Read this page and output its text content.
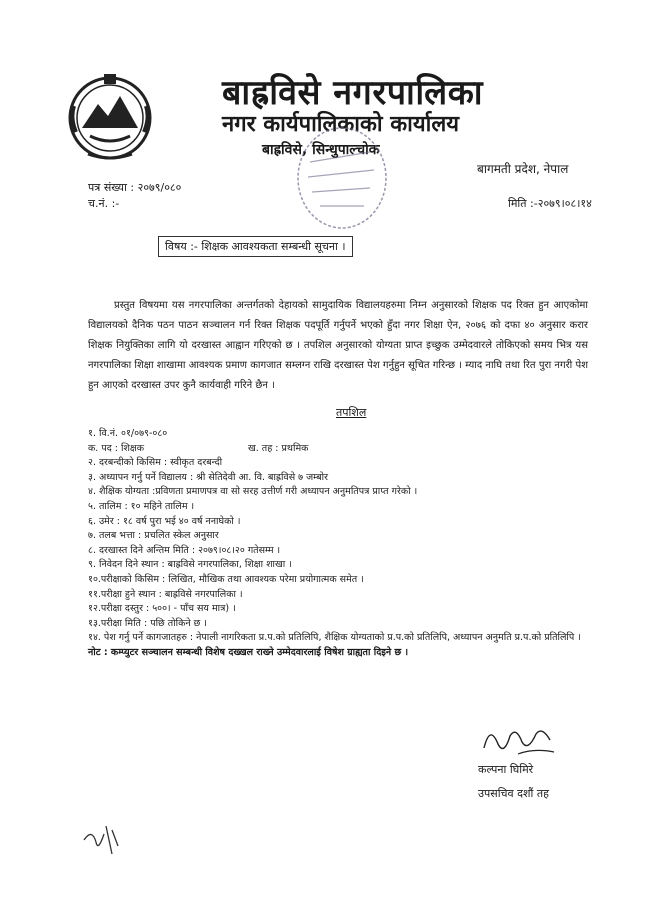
बाह्रविसे नगरपालिका
नगर कार्यपालिकाको कार्यालय
बाह्रविसे, सिन्धुपाल्चोक
बागमती प्रदेश, नेपाल
पत्र संख्या : २०७९/०८०
च.नं. :-	मिति :-२०७९।०८।१४
विषय :- शिक्षक आवश्यकता सम्बन्धी सूचना ।
प्रस्तुत विषयमा यस नगरपालिका अन्तर्गतको देहायको सामुदायिक विद्यालयहरुमा निम्न अनुसारको शिक्षक पद रिक्त हुन आएकोमा विद्यालयको दैनिक पठन पाठन सञ्चालन गर्न रिक्त शिक्षक पदपूर्ति गर्नुपर्ने भएको हुँदा नगर शिक्षा ऐन, २०७६ को दफा ४० अनुसार करार शिक्षक नियुक्तिका लागि यो दरखास्त आह्वान गरिएको छ । तपशिल अनुसारको योग्यता प्राप्त इच्छुक उम्मेदवारले तोकिएको समय भित्र यस नगरपालिका शिक्षा शाखामा आवश्यक प्रमाण कागजात सम्लग्न राखि दरखास्त पेश गर्नुहुन सूचित गरिन्छ । म्याद नाघि तथा रित पुरा नगरी पेश हुन आएको दरखास्त उपर कुनै कार्यवाही गरिने छैन ।
तपशिल
१. वि.नं. ०१/०७९-०८०
क. पद : शिक्षक	ख. तह : प्रथमिक
२. दरबन्दीको किसिम : स्वीकृत दरबन्दी
३. अध्यापन गर्नु पर्ने विद्यालय : श्री सेतिदेवी आ. वि. बाह्रविसे ७ जम्बोर
४. शैक्षिक योग्यता :प्रविणता प्रमाणपत्र वा सो सरह उत्तीर्ण गरी अध्यापन अनुमतिपत्र प्राप्त गरेको ।
५. तालिम : १० महिने तालिम ।
६. उमेर : १८ वर्ष पुरा भई ४० वर्ष ननाघेको ।
७. तलब भत्ता : प्रचलित स्केल अनुसार
८. दरखास्त दिने अन्तिम मिति : २०७९।०८।२० गतेसम्म ।
९. निवेदन दिने स्थान : बाह्रविसे नगरपालिका, शिक्षा शाखा ।
१०.परीक्षाको किसिम : लिखित, मौखिक तथा आवश्यक परेमा प्रयोगात्मक समेत ।
११.परीक्षा हुने स्थान : बाह्रविसे नगरपालिका ।
१२.परीक्षा दस्तुर : ५००। - पाँच सय मात्र) ।
१३.परीक्षा मिति : पछि तोकिने छ ।
१४. पेश गर्नु पर्ने कागजातहरु : नेपाली नागरिकता प्र.प.को प्रतिलिपि, शैक्षिक योग्यताको प्र.प.को प्रतिलिपि, अध्यापन अनुमति प्र.प.को प्रतिलिपि ।
नोट : कम्प्युटर सञ्चालन सम्बन्धी विशेष दख्खल राख्ने उम्मेदवारलाई विषेश ग्राह्यता दिइने छ ।
कल्पना घिमिरे
उपसचिव दशौं तह
